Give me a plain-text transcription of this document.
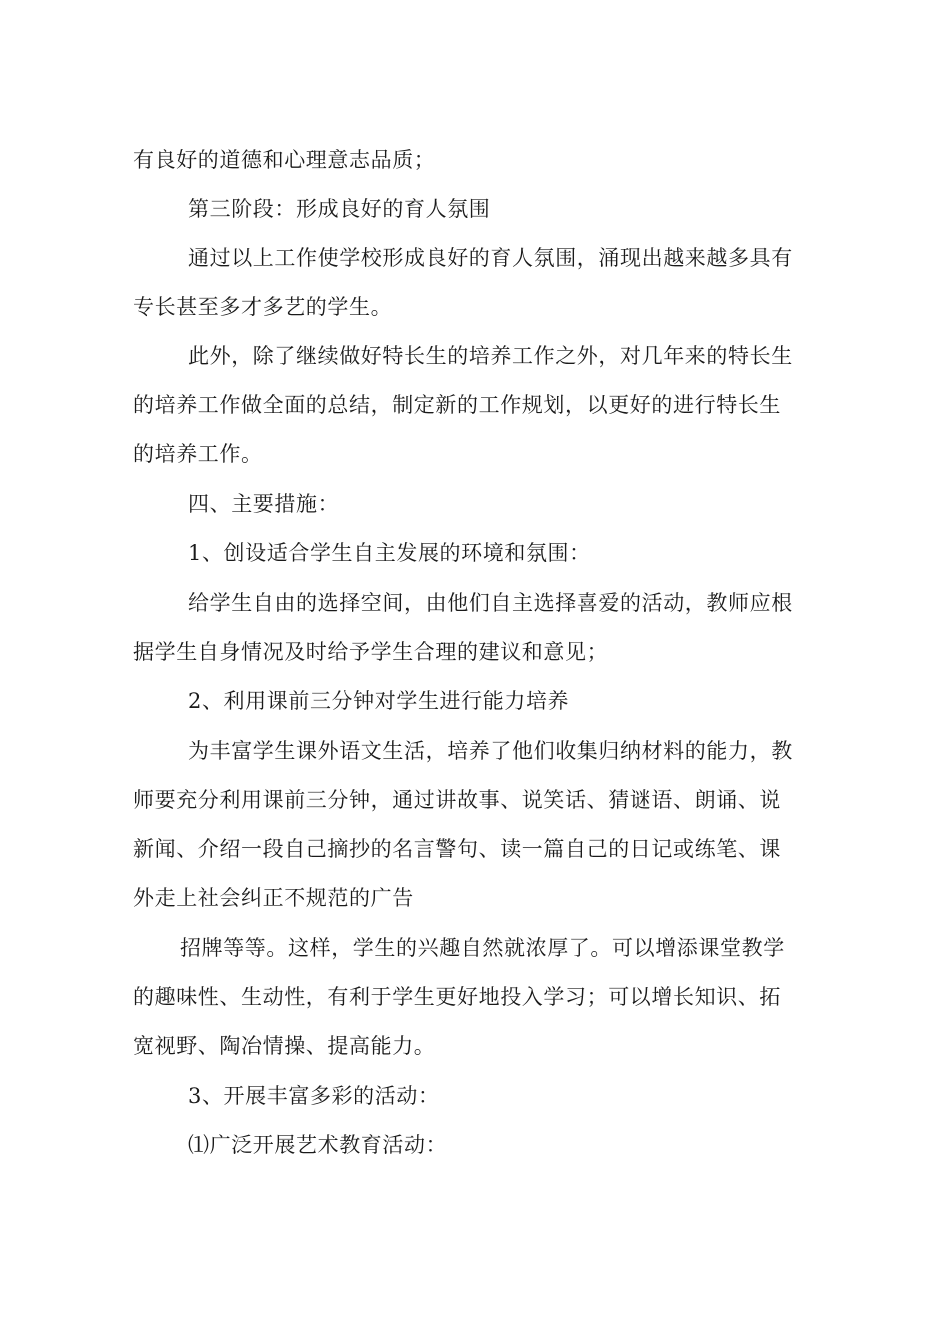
有良好的道德和心理意志品质；
第三阶段：形成良好的育人氛围
通过以上工作使学校形成良好的育人氛围，涌现出越来越多具有
专长甚至多才多艺的学生。
此外，除了继续做好特长生的培养工作之外，对几年来的特长生
的培养工作做全面的总结，制定新的工作规划，以更好的进行特长生
的培养工作。
四、主要措施：
1、创设适合学生自主发展的环境和氛围：
给学生自由的选择空间，由他们自主选择喜爱的活动，教师应根
据学生自身情况及时给予学生合理的建议和意见；
2、利用课前三分钟对学生进行能力培养
为丰富学生课外语文生活，培养了他们收集归纳材料的能力，教
师要充分利用课前三分钟，通过讲故事、说笑话、猜谜语、朗诵、说
新闻、介绍一段自己摘抄的名言警句、读一篇自己的日记或练笔、课
外走上社会纠正不规范的广告
招牌等等。这样，学生的兴趣自然就浓厚了。可以增添课堂教学
的趣味性、生动性，有利于学生更好地投入学习；可以增长知识、拓
宽视野、陶冶情操、提高能力。
3、开展丰富多彩的活动：
⑴广泛开展艺术教育活动：
